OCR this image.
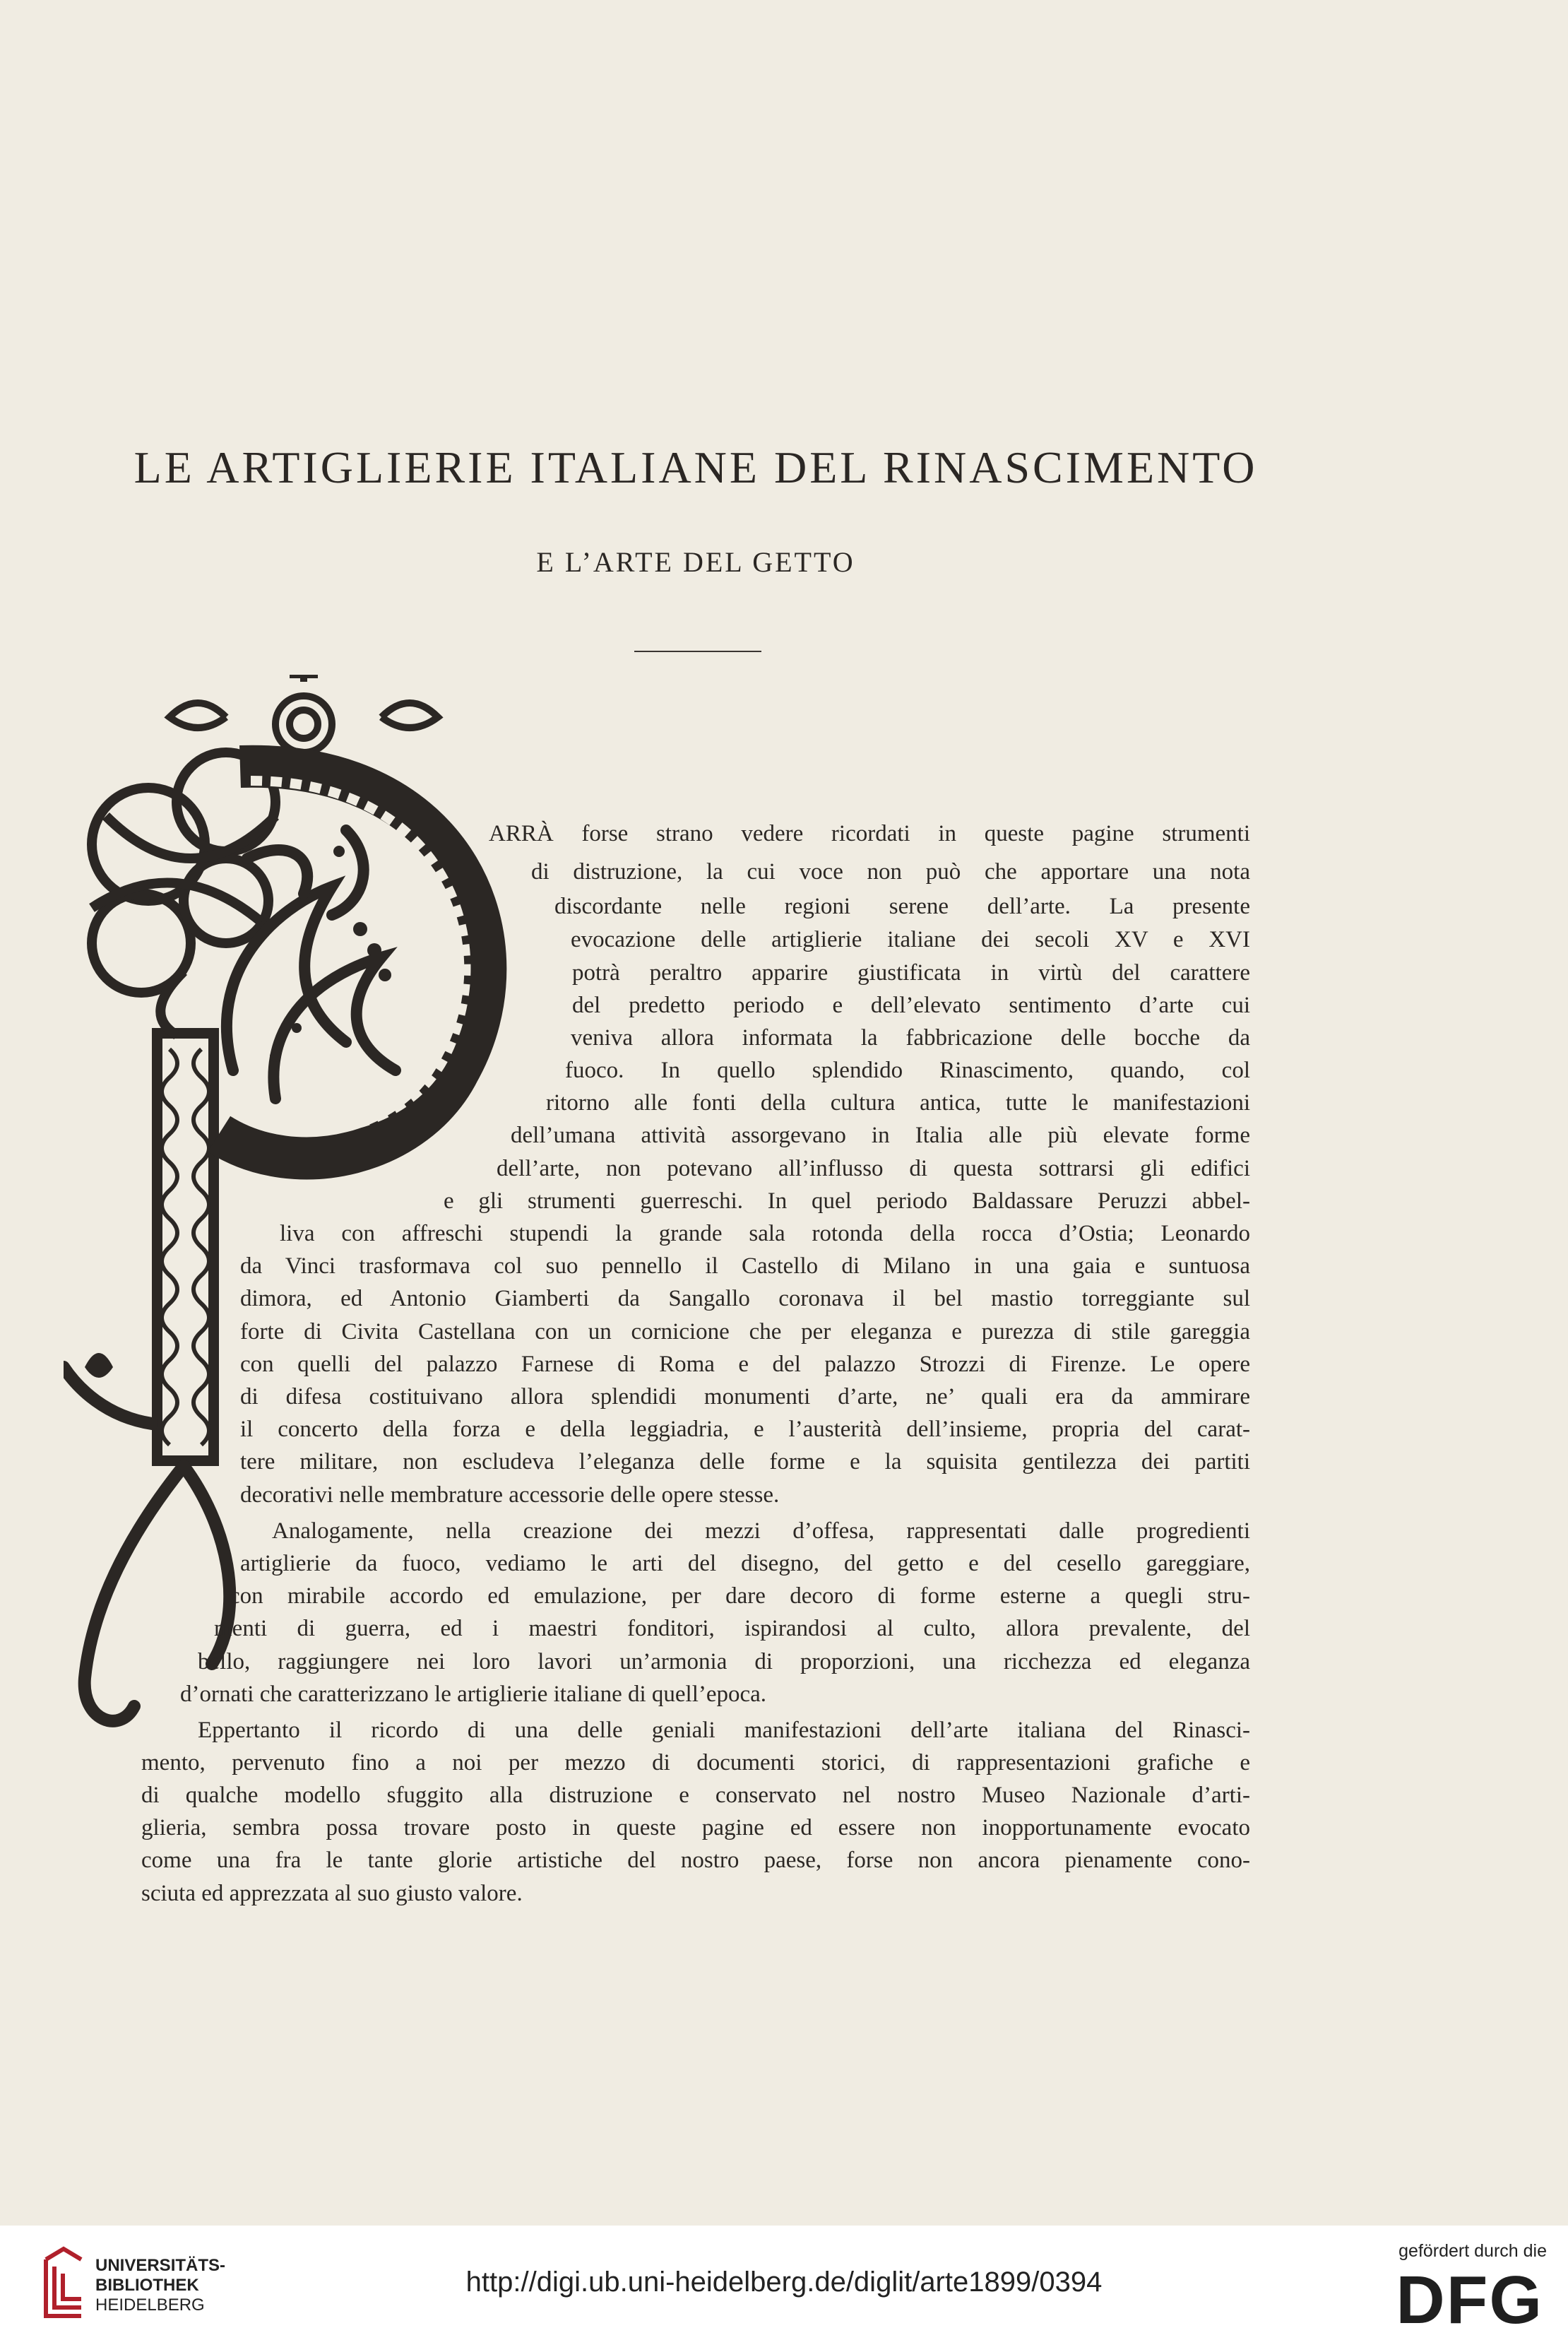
LE ARTIGLIERIE ITALIANE DEL RINASCIMENTO
E L’ARTE DEL GETTO
ARRÀ forse strano vedere ricordati in queste pagine strumenti
di distruzione, la cui voce non può che apportare una nota
discordante nelle regioni serene dell’arte. La presente
evocazione delle artiglierie italiane dei secoli XV e XVI
potrà peraltro apparire giustificata in virtù del carattere
del predetto periodo e dell’elevato sentimento d’arte cui
veniva allora informata la fabbricazione delle bocche da
fuoco. In quello splendido Rinascimento, quando, col
ritorno alle fonti della cultura antica, tutte le manifestazioni
dell’umana attività assorgevano in Italia alle più elevate forme
dell’arte, non potevano all’influsso di questa sottrarsi gli edifici
e gli strumenti guerreschi. In quel periodo Baldassare Peruzzi abbel-
liva con affreschi stupendi la grande sala rotonda della rocca d’Ostia; Leonardo
da Vinci trasformava col suo pennello il Castello di Milano in una gaia e suntuosa
dimora, ed Antonio Giamberti da Sangallo coronava il bel mastio torreggiante sul
forte di Civita Castellana con un cornicione che per eleganza e purezza di stile gareggia
con quelli del palazzo Farnese di Roma e del palazzo Strozzi di Firenze. Le opere
di difesa costituivano allora splendidi monumenti d’arte, ne’ quali era da ammirare
il concerto della forza e della leggiadria, e l’austerità dell’insieme, propria del carat-
tere militare, non escludeva l’eleganza delle forme e la squisita gentilezza dei partiti
decorativi nelle membrature accessorie delle opere stesse.
Analogamente, nella creazione dei mezzi d’offesa, rappresentati dalle progredienti
artiglierie da fuoco, vediamo le arti del disegno, del getto e del cesello gareggiare,
con mirabile accordo ed emulazione, per dare decoro di forme esterne a quegli stru-
menti di guerra, ed i maestri fonditori, ispirandosi al culto, allora prevalente, del
bello, raggiungere nei loro lavori un’armonia di proporzioni, una ricchezza ed eleganza
d’ornati che caratterizzano le artiglierie italiane di quell’epoca.
Eppertanto il ricordo di una delle geniali manifestazioni dell’arte italiana del Rinasci-
mento, pervenuto fino a noi per mezzo di documenti storici, di rappresentazioni grafiche e
di qualche modello sfuggito alla distruzione e conservato nel nostro Museo Nazionale d’arti-
glieria, sembra possa trovare posto in queste pagine ed essere non inopportunamente evocato
come una fra le tante glorie artistiche del nostro paese, forse non ancora pienamente cono-
sciuta ed apprezzata al suo giusto valore.
UNIVERSITÄTS-
BIBLIOTHEK
HEIDELBERG
http://digi.ub.uni-heidelberg.de/diglit/arte1899/0394
gefördert durch die
DFG
